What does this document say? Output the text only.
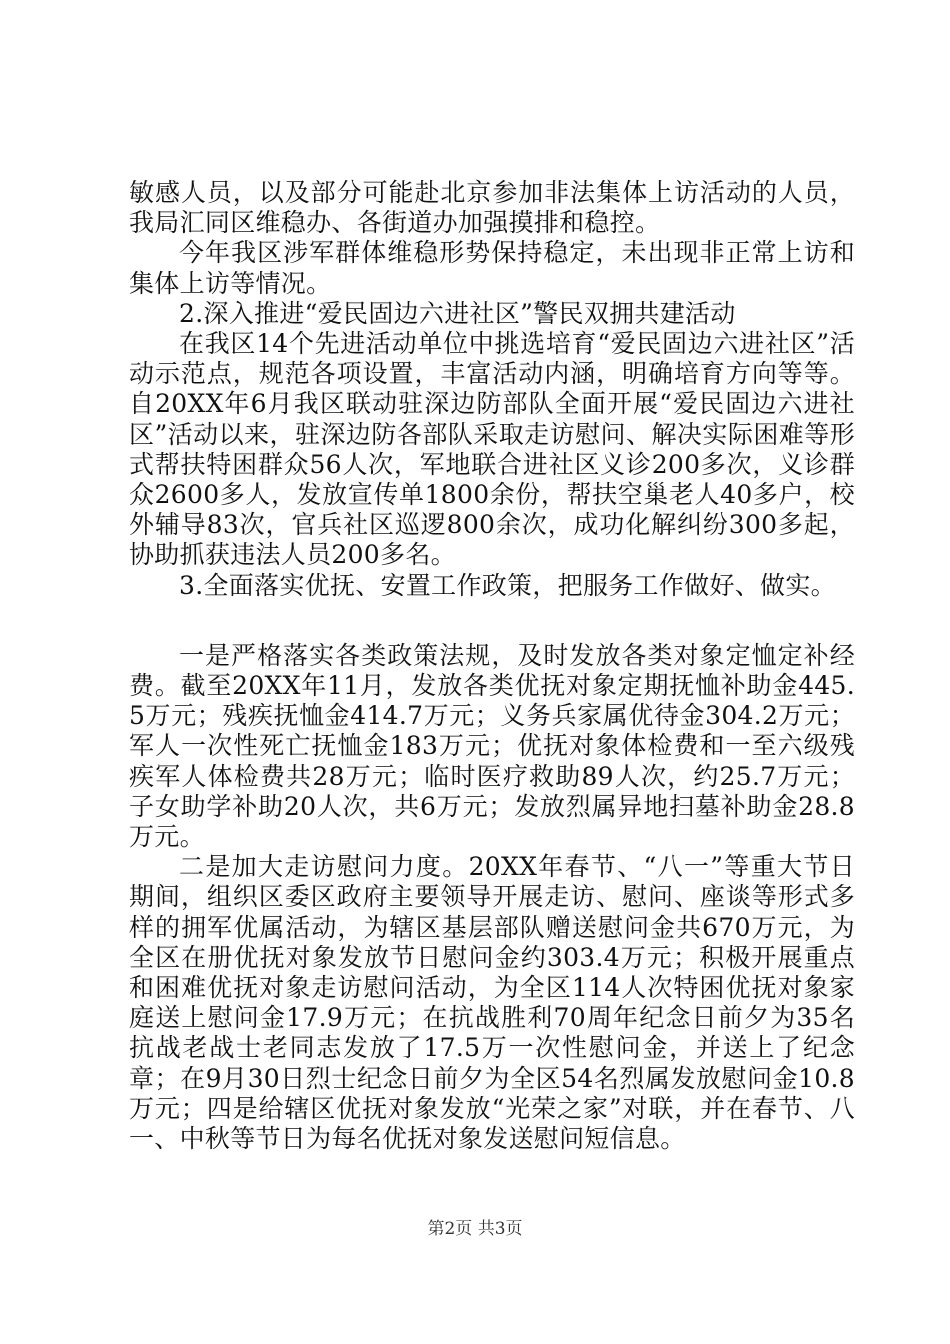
敏感人员，以及部分可能赴北京参加非法集体上访活动的人员，我局汇同区维稳办、各街道办加强摸排和稳控。

今年我区涉军群体维稳形势保持稳定，未出现非正常上访和集体上访等情况。

2.深入推进“爱民固边六进社区”警民双拥共建活动

在我区14个先进活动单位中挑选培育“爱民固边六进社区”活动示范点，规范各项设置，丰富活动内涵，明确培育方向等等。自20XX年6月我区联动驻深边防部队全面开展“爱民固边六进社区”活动以来，驻深边防各部队采取走访慰问、解决实际困难等形式帮扶特困群众56人次，军地联合进社区义诊200多次，义诊群众2600多人，发放宣传单1800余份，帮扶空巢老人40多户，校外辅导83次，官兵社区巡逻800余次，成功化解纠纷300多起，协助抓获违法人员200多名。

3.全面落实优抚、安置工作政策，把服务工作做好、做实。

一是严格落实各类政策法规，及时发放各类对象定恤定补经费。截至20XX年11月，发放各类优抚对象定期抚恤补助金445.5万元；残疾抚恤金414.7万元；义务兵家属优待金304.2万元；军人一次性死亡抚恤金183万元；优抚对象体检费和一至六级残疾军人体检费共28万元；临时医疗救助89人次，约25.7万元；子女助学补助20人次，共6万元；发放烈属异地扫墓补助金28.8万元。

二是加大走访慰问力度。20XX年春节、“八一”等重大节日期间，组织区委区政府主要领导开展走访、慰问、座谈等形式多样的拥军优属活动，为辖区基层部队赠送慰问金共670万元，为全区在册优抚对象发放节日慰问金约303.4万元；积极开展重点和困难优抚对象走访慰问活动，为全区114人次特困优抚对象家庭送上慰问金17.9万元；在抗战胜利70周年纪念日前夕为35名抗战老战士老同志发放了17.5万一次性慰问金，并送上了纪念章；在9月30日烈士纪念日前夕为全区54名烈属发放慰问金10.8万元；四是给辖区优抚对象发放“光荣之家”对联，并在春节、八一、中秋等节日为每名优抚对象发送慰问短信息。

第2页 共3页
